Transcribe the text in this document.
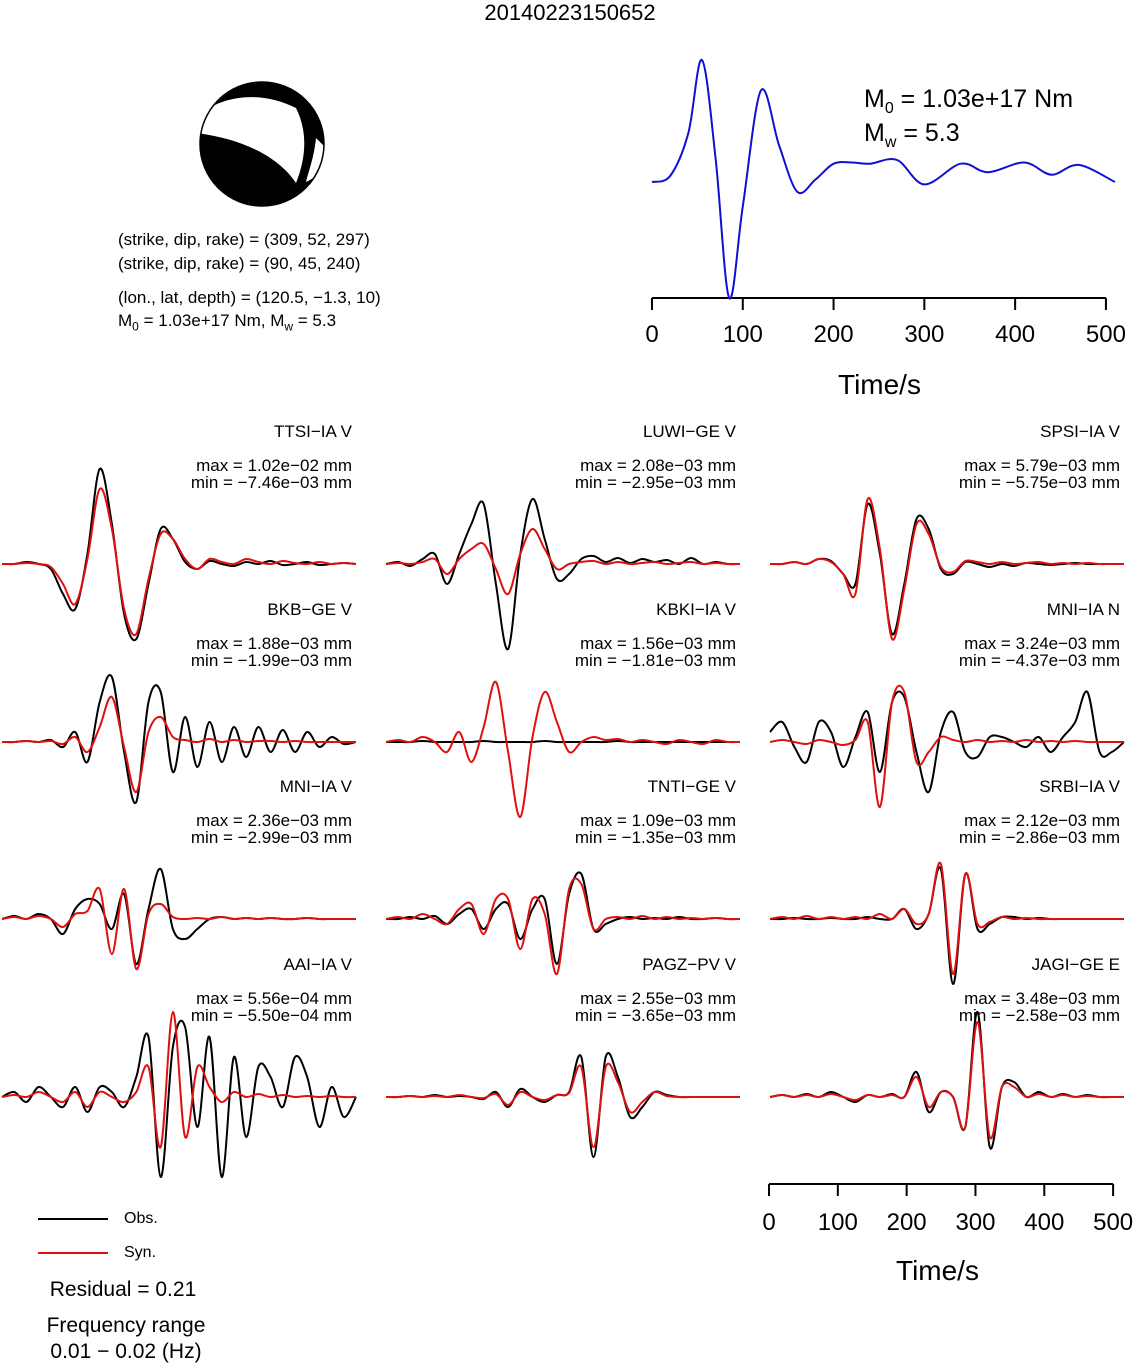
20140223150652
(strike, dip, rake) = (309, 52, 297)
(strike, dip, rake) = (90, 45, 240)
(lon., lat, depth) = (120.5, −1.3, 10)
$M_0 = 1.03e+17$ Nm, $M_w = 5.3$
0	100 200 300 400 500
$M_0 = 1.03e+17$ Nm
$M_w = 5.3$
Time/s
TTSI−IA V
max = 1.02e−02 mm
min = −7.46e−03 mm
LUWI−GE V
max = 2.08e−03 mm
min = −2.95e−03 mm
SPSI−IA V
max = 5.79e−03 mm
min = −5.75e−03 mm
BKB−GE V
max = 1.88e−03 mm
min = −1.99e−03 mm
KBKI−IA V
max = 1.56e−03 mm
min = −1.81e−03 mm
MNI−IA N
max = 3.24e−03 mm
min = −4.37e−03 mm
MNI−IA V
max = 2.36e−03 mm
min = −2.99e−03 mm
TNTI−GE V
max = 1.09e−03 mm
min = −1.35e−03 mm
SRBI−IA V
max = 2.12e−03 mm
min = −2.86e−03 mm
AAI−IA V
max = 5.56e−04 mm
min = −5.50e−04 mm
PAGZ−PV V
max = 2.55e−03 mm
min = −3.65e−03 mm
JAGI−GE E
max = 3.48e−03 mm
min = −2.58e−03 mm
0 100 200 300 400 500
Time/s
Obs.
Syn.
Residual = 0.21
Frequency range
0.01 − 0.02 (Hz)
